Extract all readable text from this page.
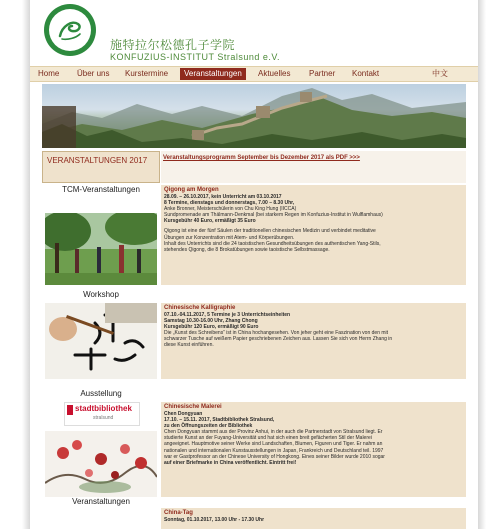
施特拉尔松德孔子学院
KONFUZIUS-INSTITUT Stralsund e.V.
Home	Über uns	Kurstermine	Veranstaltungen	Aktuelles	Partner	Kontakt	中文
VERANSTALTUNGEN 2017	Veranstaltungsprogramm September bis Dezember 2017 als PDF >>>
TCM-Veranstaltungen	Qigong am Morgen
28.09. – 26.10.2017, kein Unterricht am 03.10.2017
8 Termine, dienstags und donnerstags, 7.00 – 8.30 Uhr,
Anke Bronner, Meisterschülerin von Chu King Hung (IICCA)
Sundpromenade am Thälmann-Denkmal (bei starkem Regen im Konfuzius-Institut in Wulflamhaus)
Kursgebühr 40 Euro, ermäßigt 35 Euro
Qigong ist eine der fünf Säulen der traditionellen chinesischen Medizin und verbindet meditative
Übungen zur Konzentration mit Atem- und Körperübungen.
Inhalt des Unterrichts sind die 24 taoistischen Gesundheitsübungen des authentischen Yang-Stils,
stehendes Qigong, die 8 Brokatübungen sowie taoistische Selbstmassage.
Workshop
Chinesische Kalligraphie
07.10.-04.11.2017, 5 Termine je 3 Unterrichtseinheiten
Samstag 10.30-16.00 Uhr, Zhang Chong
Kursgebühr 120 Euro, ermäßigt 90 Euro
Die „Kunst des Schreibens“ ist in China hochangesehen. Von jeher geht eine Faszination von den mit
schwarzer Tusche auf weißem Papier geschriebenen Zeichen aus. Lassen Sie sich von Herrn Zhang in
diese Kunst einführen.
Ausstellung
stadtbibliothek
stralsund
Chinesische Malerei
Chen Dongyuan
17.10. – 15.11. 2017, Stadtbibliothek Stralsund,
zu den Öffnungszeiten der Bibliothek
Chen Dongyuan stammt aus der Provinz Anhui, in der auch die Partnerstadt von Stralsund liegt. Er
studierte Kunst an der Fuyang-Universität und hat sich einen breit gefächerten Stil der Malerei
angeeignet. Hauptmotive seiner Werke sind Landschaften, Blumen, Figuren und Tiger. Er nahm an
nationalen und internationalen Kunstausstellungen in Japan, Frankreich und Deutschland teil. 1997
war er Gastprofessor an der Chinese University of Hongkong. Eines seiner Bilder wurde 2010 sogar
auf einer Briefmarke in China veröffentlicht. Eintritt frei!
Veranstaltungen
China-Tag
Sonntag, 01.10.2017, 13.00 Uhr - 17.30 Uhr
